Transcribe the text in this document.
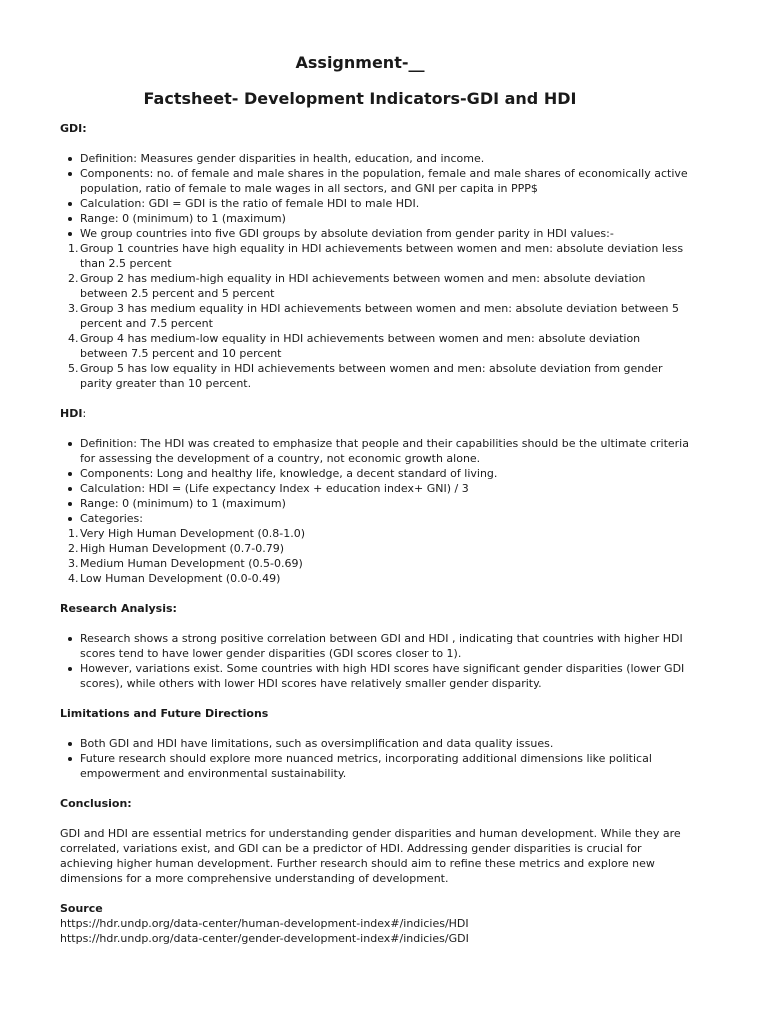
Assignment-__
Factsheet- Development Indicators-GDI and HDI

GDI:

Definition: Measures gender disparities in health, education, and income.
Components: no. of female and male shares in the population, female and male shares of economically active population, ratio of female to male wages in all sectors, and GNI per capita in PPP$
Calculation: GDI = GDI is the ratio of female HDI to male HDI.
Range: 0 (minimum) to 1 (maximum)
We group countries into five GDI groups by absolute deviation from gender parity in HDI values:-
1. Group 1 countries have high equality in HDI achievements between women and men: absolute deviation less than 2.5 percent
2. Group 2 has medium-high equality in HDI achievements between women and men: absolute deviation between 2.5 percent and 5 percent
3. Group 3 has medium equality in HDI achievements between women and men: absolute deviation between 5 percent and 7.5 percent
4. Group 4 has medium-low equality in HDI achievements between women and men: absolute deviation between 7.5 percent and 10 percent
5. Group 5 has low equality in HDI achievements between women and men: absolute deviation from gender parity greater than 10 percent.

HDI:

Definition: The HDI was created to emphasize that people and their capabilities should be the ultimate criteria for assessing the development of a country, not economic growth alone.
Components: Long and healthy life, knowledge, a decent standard of living.
Calculation: HDI = (Life expectancy Index + education index+ GNI) / 3
Range: 0 (minimum) to 1 (maximum)
Categories:
1. Very High Human Development (0.8-1.0)
2. High Human Development (0.7-0.79)
3. Medium Human Development (0.5-0.69)
4. Low Human Development (0.0-0.49)

Research Analysis:

Research shows a strong positive correlation between GDI and HDI , indicating that countries with higher HDI scores tend to have lower gender disparities (GDI scores closer to 1).
However, variations exist. Some countries with high HDI scores have significant gender disparities (lower GDI scores), while others with lower HDI scores have relatively smaller gender disparity.

Limitations and Future Directions

Both GDI and HDI have limitations, such as oversimplification and data quality issues.
Future research should explore more nuanced metrics, incorporating additional dimensions like political empowerment and environmental sustainability.

Conclusion:

GDI and HDI are essential metrics for understanding gender disparities and human development. While they are correlated, variations exist, and GDI can be a predictor of HDI. Addressing gender disparities is crucial for achieving higher human development. Further research should aim to refine these metrics and explore new dimensions for a more comprehensive understanding of development.

Source

https://hdr.undp.org/data-center/human-development-index#/indicies/HDI

https://hdr.undp.org/data-center/gender-development-index#/indicies/GDI
